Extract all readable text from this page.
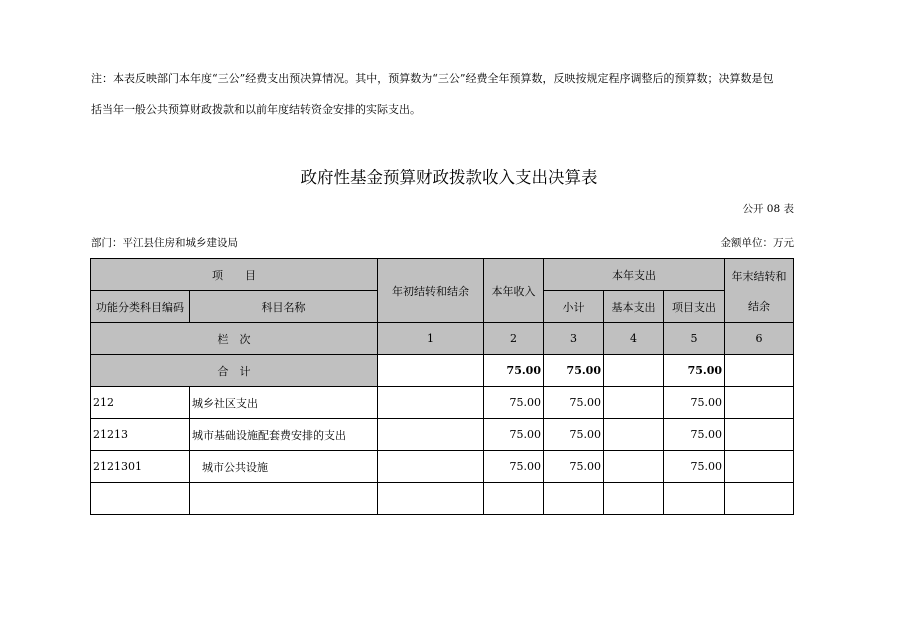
注：本表反映部门本年度“三公”经费支出预决算情况。其中，预算数为“三公”经费全年预算数，反映按规定程序调整后的预算数；决算数是包
括当年一般公共预算财政拨款和以前年度结转资金安排的实际支出。
政府性基金预算财政拨款收入支出决算表
公开 08 表
部门：平江县住房和城乡建设局	金额单位：万元
项　　目		年初结转和结余	本年收入	本年支出			年末结转和
结余

功能分类科目编码	科目名称			小计	基本支出	项目支出	
栏　次		1	2	3	4	5	6
合　计			75.00	75.00		75.00	
212	城乡社区支出		75.00	75.00		75.00	
21213	城市基础设施配套费安排的支出		75.00	75.00		75.00	
2121301	城市公共设施		75.00	75.00		75.00	
